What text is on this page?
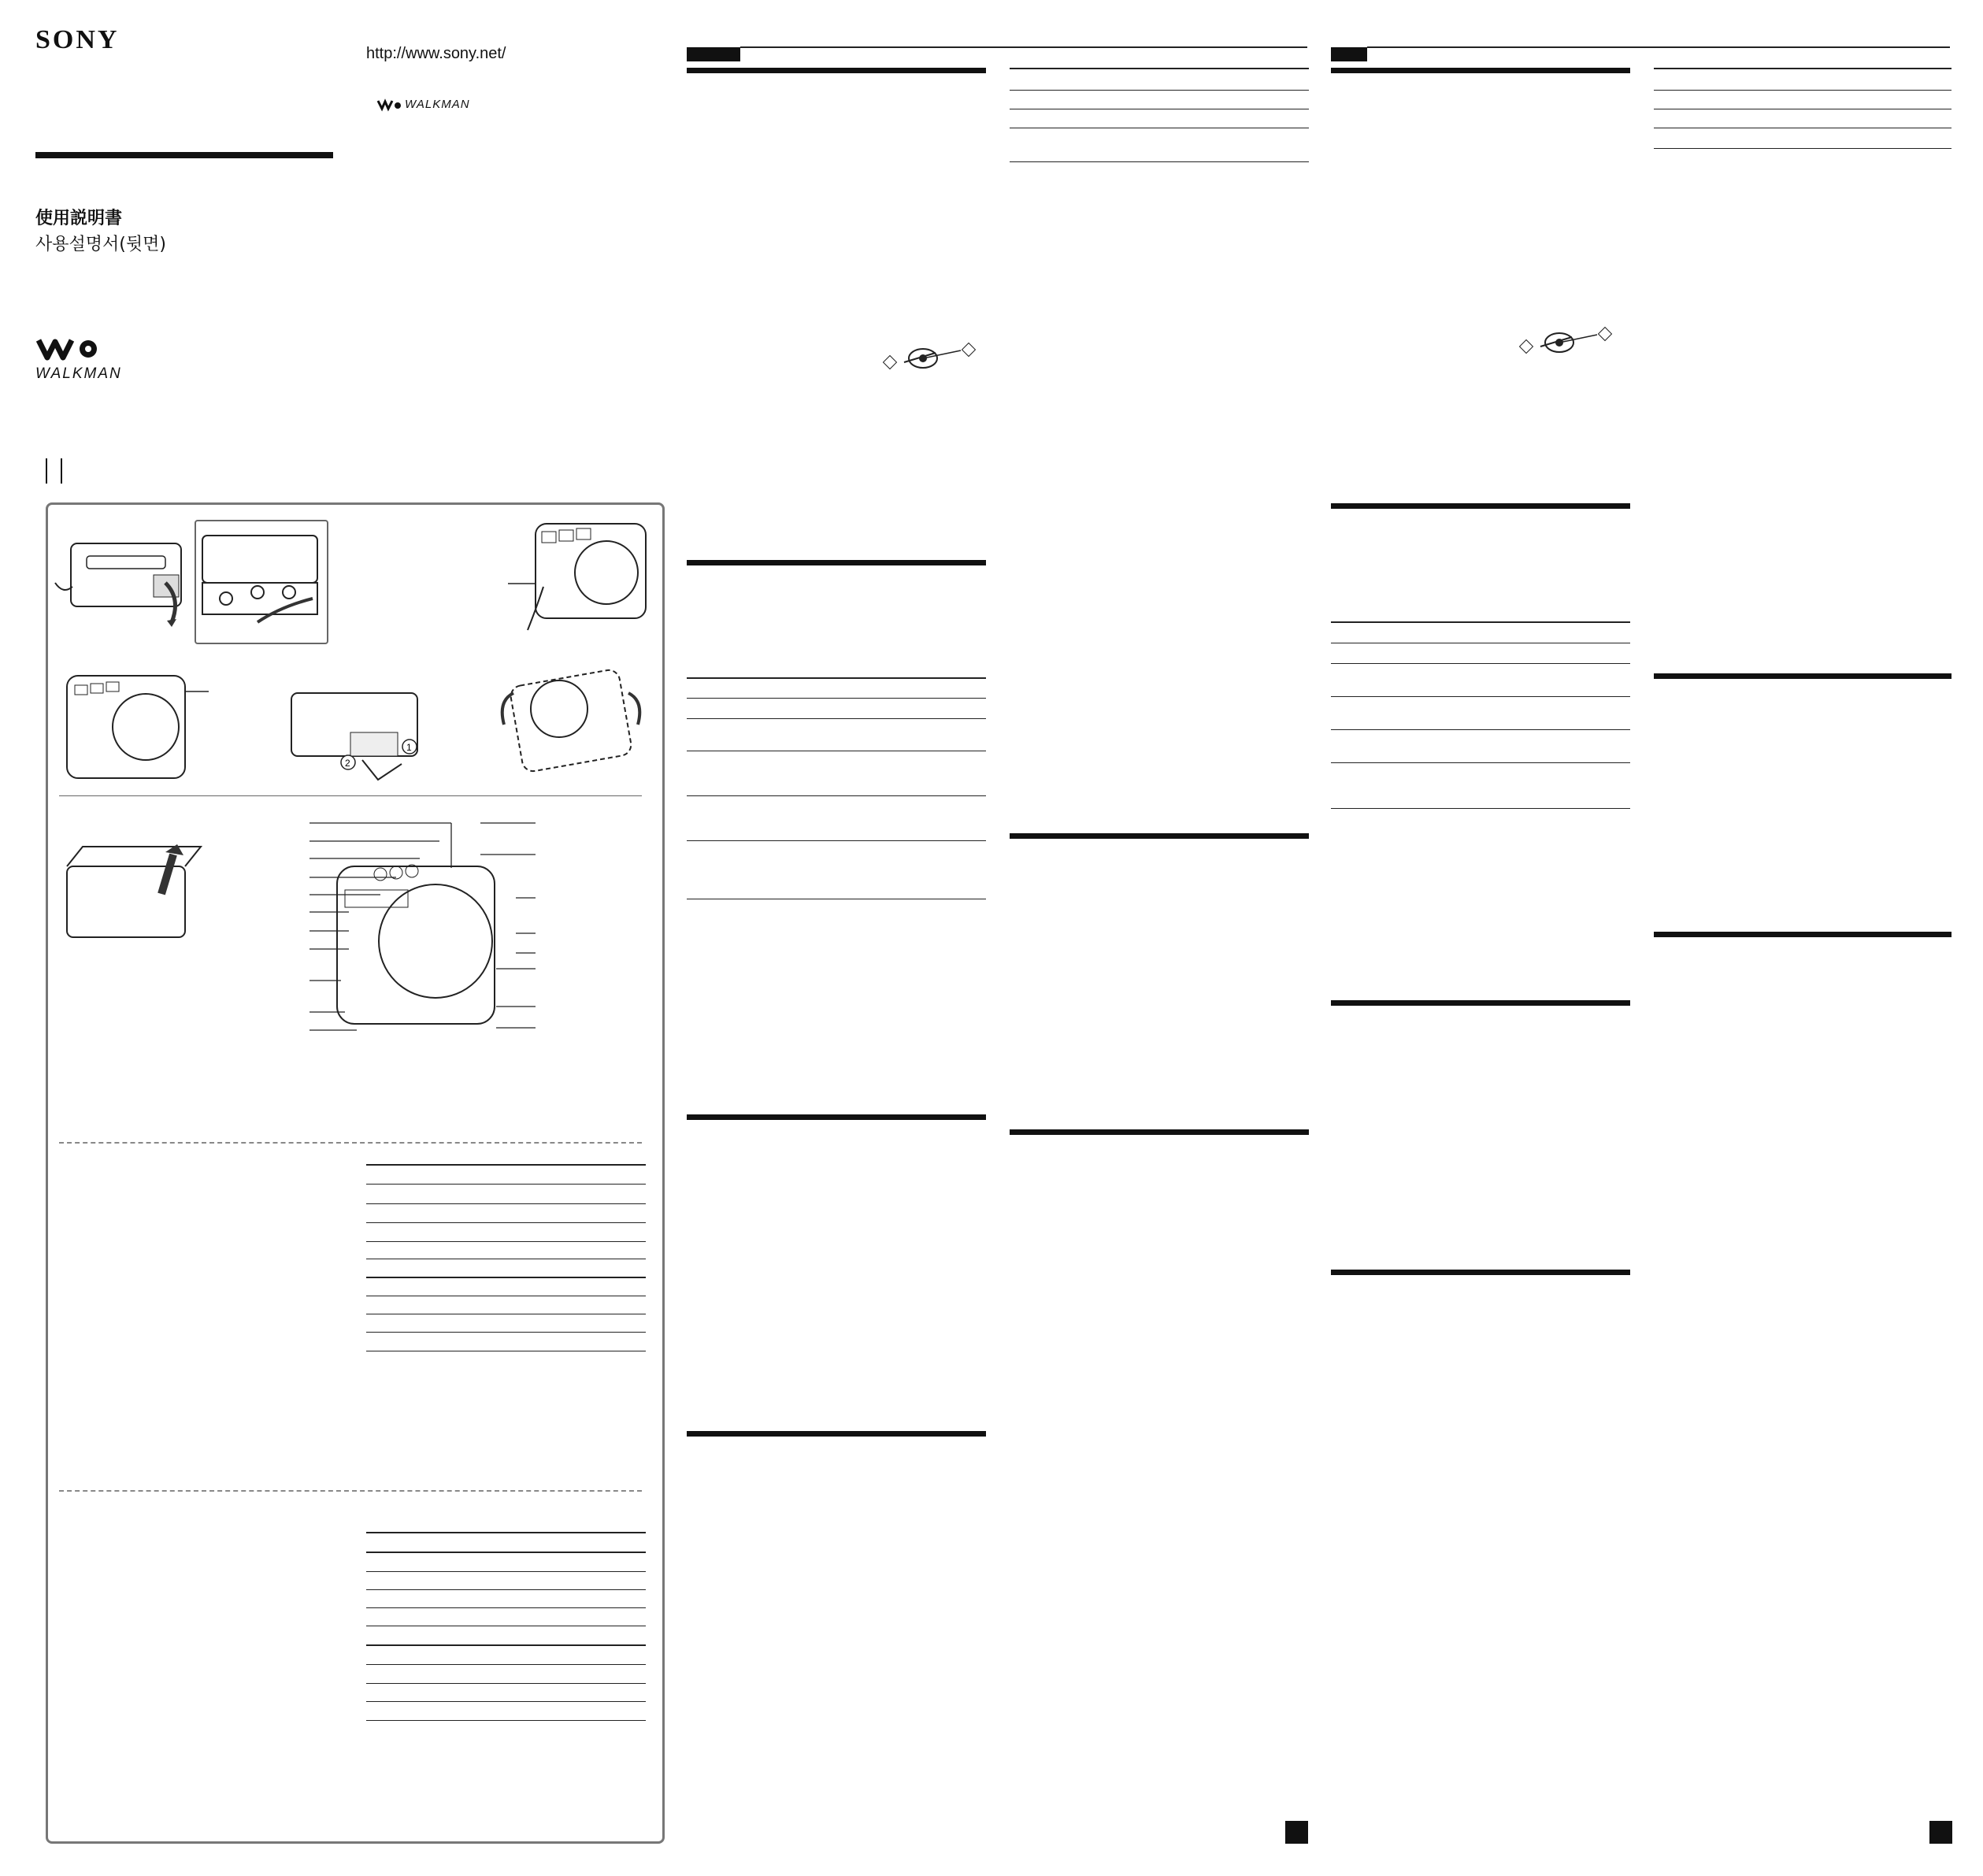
SONY	http://www.sony.net/
WALKMAN
使用説明書
사용설명서(뒷면)
WALKMAN
1
2
